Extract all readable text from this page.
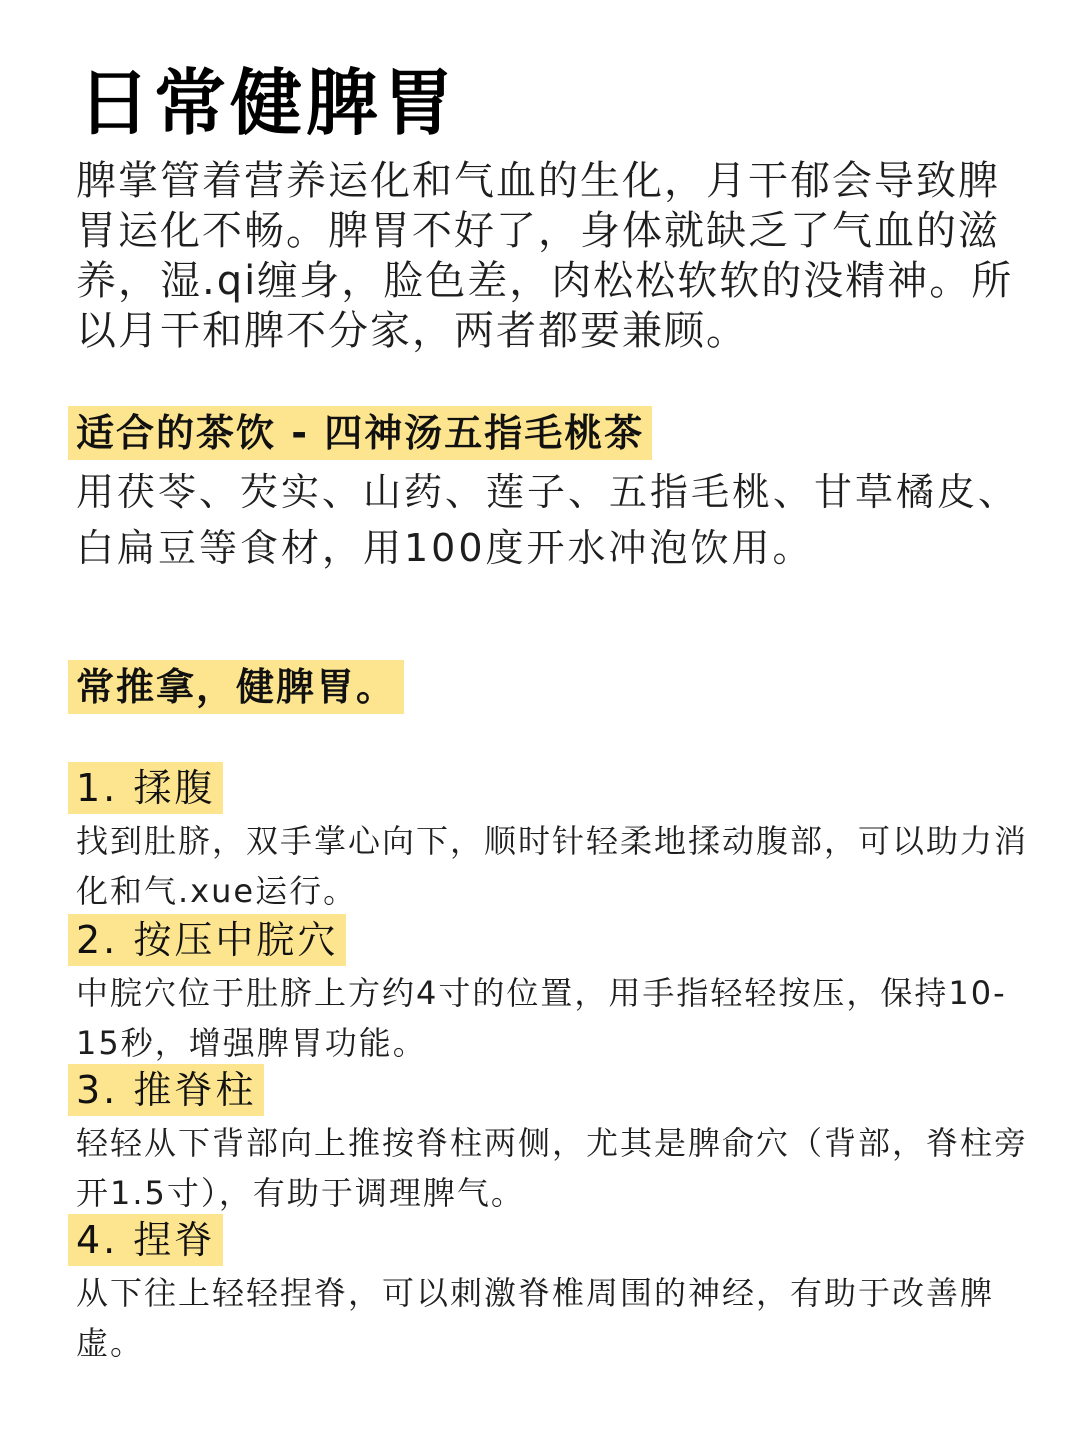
日常健脾胃

脾掌管着营养运化和气血的生化，月干郁会导致脾胃运化不畅。脾胃不好了，身体就缺乏了气血的滋养，湿.qi缠身，脸色差，肉松松软软的没精神。所以月干和脾不分家，两者都要兼顾。

适合的茶饮 - 四神汤五指毛桃茶

用茯苓、芡实、山药、莲子、五指毛桃、甘草橘皮、白扁豆等食材，用100度开水冲泡饮用。

常推拿，健脾胃。
1. 揉腹

找到肚脐，双手掌心向下，顺时针轻柔地揉动腹部，可以助力消化和气.xue运行。

2. 按压中脘穴

中脘穴位于肚脐上方约4寸的位置，用手指轻轻按压，保持10-15秒，增强脾胃功能。

3. 推脊柱

轻轻从下背部向上推按脊柱两侧，尤其是脾俞穴（背部，脊柱旁开1.5寸），有助于调理脾气。

4. 捏脊

从下往上轻轻捏脊，可以刺激脊椎周围的神经，有助于改善脾虚。
